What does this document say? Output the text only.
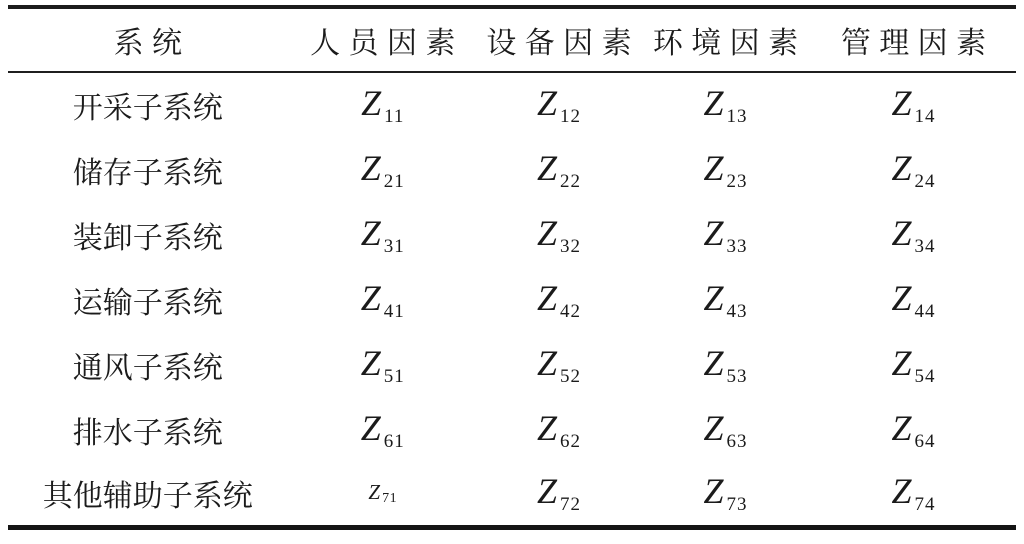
系统	人员因素	设备因素	环境因素	管理因素
开采子系统	Z 11	Z 12	Z 13	Z 14
储存子系统	Z 21	Z 22	Z 23	Z 24
装卸子系统	Z 31	Z 32	Z 33	Z 34
运输子系统	Z 41	Z 42	Z 43	Z 44
通风子系统	Z 51	Z 52	Z 53	Z 54
排水子系统	Z 61	Z 62	Z 63	Z 64
其他辅助子系统	Z 71	Z 72	Z 73	Z 74
